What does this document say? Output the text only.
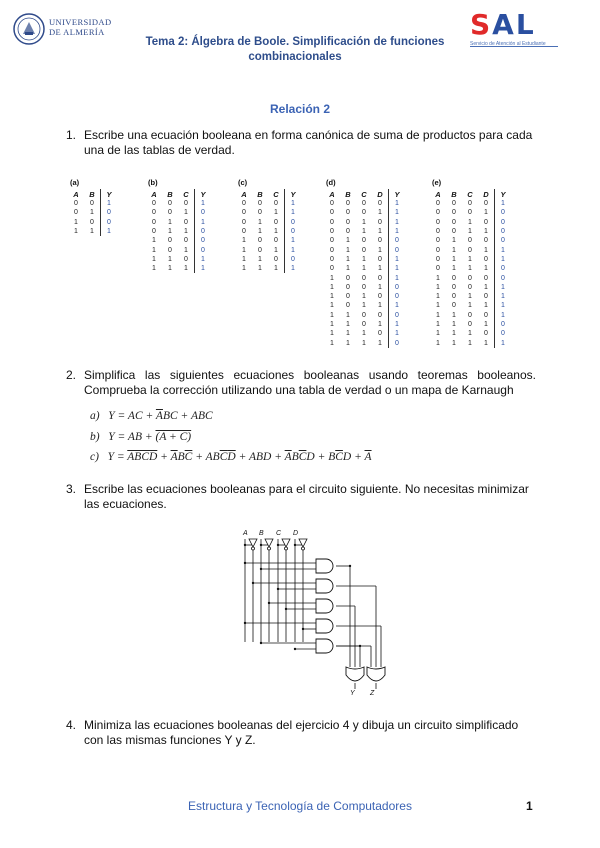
UNIVERSIDAD
DE ALMERÍA	SAL
Servicio de Atención al Estudiante
Tema 2: Álgebra de Boole. Simplificación de funciones
combinacionales
Relación 2
1. Escribe una ecuación booleana en forma canónica de suma de productos para cada una de las tablas de verdad.
(a)
A	B	Y
0	0	1
0	1	0
1	0	0
1	1	1
(b)
A	B	C	Y
0	0	0	1
0	0	1	0
0	1	0	1
0	1	1	0
1	0	0	0
1	0	1	0
1	1	0	1
1	1	1	1
(c)
A	B	C	Y
0	0	0	1
0	0	1	1
0	1	0	0
0	1	1	0
1	0	0	1
1	0	1	1
1	1	0	0
1	1	1	1
(d)
A	B	C	D	Y
0	0	0	0	1
0	0	0	1	1
0	0	1	0	1
0	0	1	1	1
0	1	0	0	0
0	1	0	1	0
0	1	1	0	1
0	1	1	1	1
1	0	0	0	1
1	0	0	1	0
1	0	1	0	0
1	0	1	1	1
1	1	0	0	0
1	1	0	1	1
1	1	1	0	1
1	1	1	1	0
(e)
A	B	C	D	Y
0	0	0	0	1
0	0	0	1	0
0	0	1	0	0
0	0	1	1	0
0	1	0	0	0
0	1	0	1	1
0	1	1	0	1
0	1	1	1	0
1	0	0	0	0
1	0	0	1	1
1	0	1	0	1
1	0	1	1	1
1	1	0	0	1
1	1	0	1	0
1	1	1	0	0
1	1	1	1	1
2. Simplifica las siguientes ecuaciones booleanas usando teoremas booleanos. Comprueba la corrección utilizando una tabla de verdad o un mapa de Karnaugh
a)   Y = AC + $\overline{A}BC$ + ABC
b)   Y = AB + (A + C)
c)   Y = ABCD + $\overline{A}B\overline{C} + AB\overline{C}\overline{D}$ + ABD + $\overline{A}B\overline{C}D + B\overline{C}D + \overline{A}$
3. Escribe las ecuaciones booleanas para el circuito siguiente. No necesitas minimizar las ecuaciones.
A B C D
Y Z
4. Minimiza las ecuaciones booleanas del ejercicio 4 y dibuja un circuito simplificado con las mismas funciones Y y Z.
Estructura y Tecnología de Computadores	1
